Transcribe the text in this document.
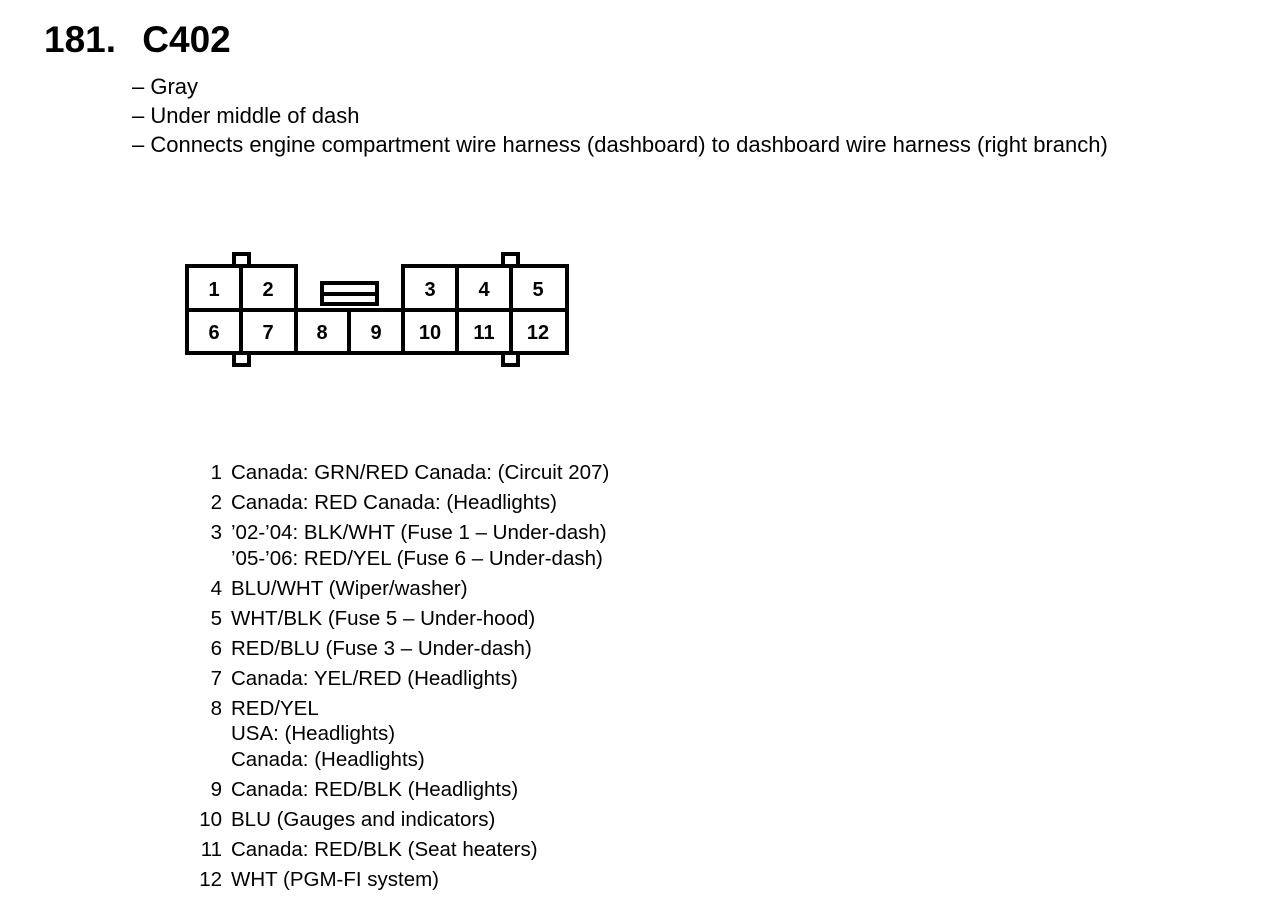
181. C402
– Gray
– Under middle of dash
– Connects engine compartment wire harness (dashboard) to dashboard wire harness (right branch)
1 2	3 4 5
6 7 8 9 10 11 12
1 Canada: GRN/RED Canada: (Circuit 207)
2 Canada: RED Canada: (Headlights)
3 ’02-’04: BLK/WHT (Fuse 1 – Under-dash)
’05-’06: RED/YEL (Fuse 6 – Under-dash)
4 BLU/WHT (Wiper/washer)
5 WHT/BLK (Fuse 5 – Under-hood)
6 RED/BLU (Fuse 3 – Under-dash)
7 Canada: YEL/RED (Headlights)
8 RED/YEL
USA: (Headlights)
Canada: (Headlights)
9 Canada: RED/BLK (Headlights)
10 BLU (Gauges and indicators)
11 Canada: RED/BLK (Seat heaters)
12 WHT (PGM-FI system)
